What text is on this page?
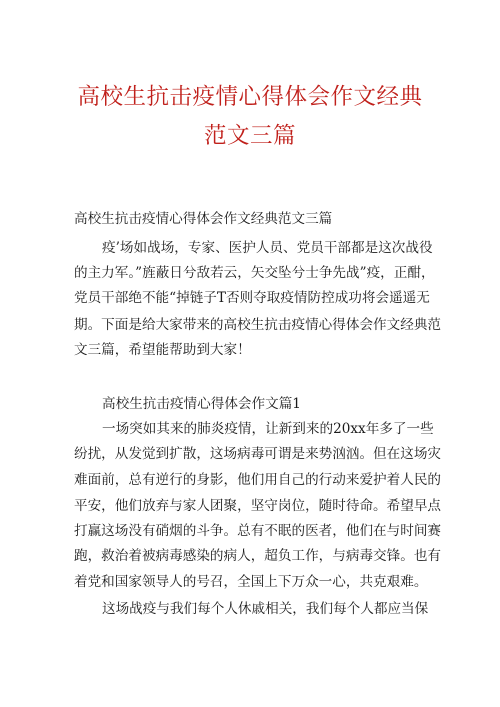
高校生抗击疫情心得体会作文经典
范文三篇
高校生抗击疫情心得体会作文经典范文三篇
疫’场如战场，专家、医护人员、党员干部都是这次战役
的主力军。”旌蔽日兮敌若云，矢交坠兮士争先战”疫，正酣，
党员干部绝不能“掉链子T否则夺取疫情防控成功将会遥遥无
期。下面是给大家带来的高校生抗击疫情心得体会作文经典范
文三篇，希望能帮助到大家！
高校生抗击疫情心得体会作文篇1
一场突如其来的肺炎疫情，让新到来的20xx年多了一些
纷扰，从发觉到扩散，这场病毒可谓是来势汹汹。但在这场灾
难面前，总有逆行的身影，他们用自己的行动来爱护着人民的
平安，他们放弃与家人团聚，坚守岗位，随时待命。希望早点
打赢这场没有硝烟的斗争。总有不眠的医者，他们在与时间赛
跑，救治着被病毒感染的病人，超负工作，与病毒交锋。也有
着党和国家领导人的号召，全国上下万众一心，共克艰难。
这场战疫与我们每个人休戚相关，我们每个人都应当保
